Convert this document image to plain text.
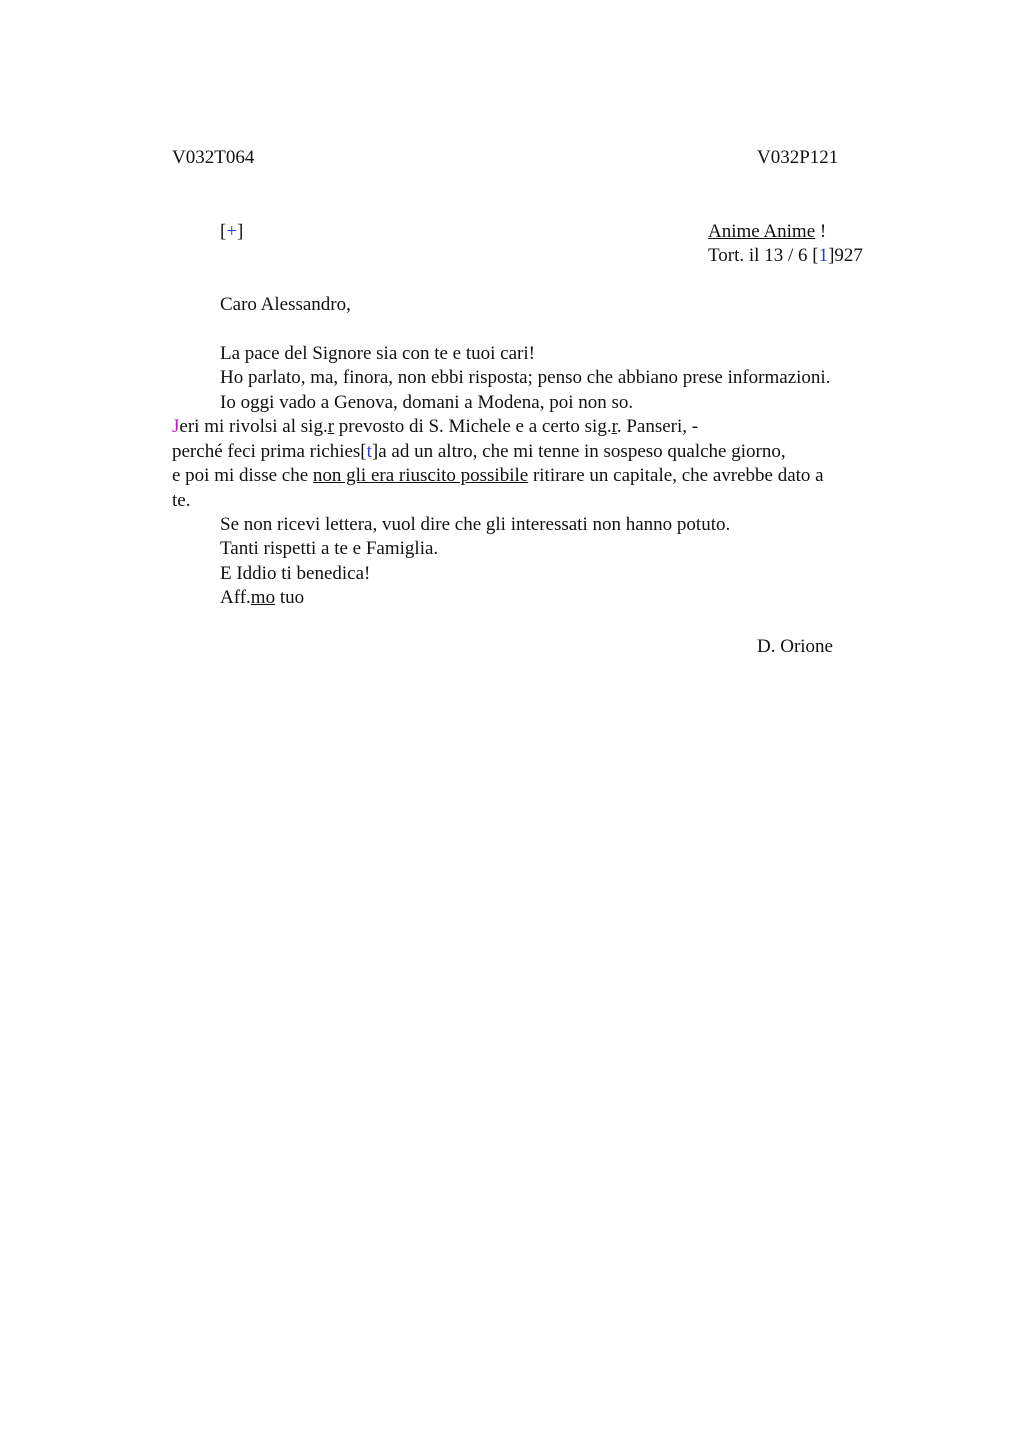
V032T064	V032P121
[+]	Anime Anime !
Tort. il 13 / 6 [1]927
Caro Alessandro,
La pace del Signore sia con te e tuoi cari!
Ho parlato, ma, finora, non ebbi risposta; penso che abbiano prese informazioni.
Io oggi vado a Genova, domani a Modena, poi non so.
Jeri mi rivolsi al sig.r prevosto di S. Michele e a certo sig.r. Panseri, -
perché feci prima richies[t]a ad un altro, che mi tenne in sospeso qualche giorno,
e poi mi disse che non gli era riuscito possibile ritirare un capitale, che avrebbe dato a
te.
Se non ricevi lettera, vuol dire che gli interessati non hanno potuto.
Tanti rispetti a te e Famiglia.
E Iddio ti benedica!
Aff.mo tuo
D. Orione
